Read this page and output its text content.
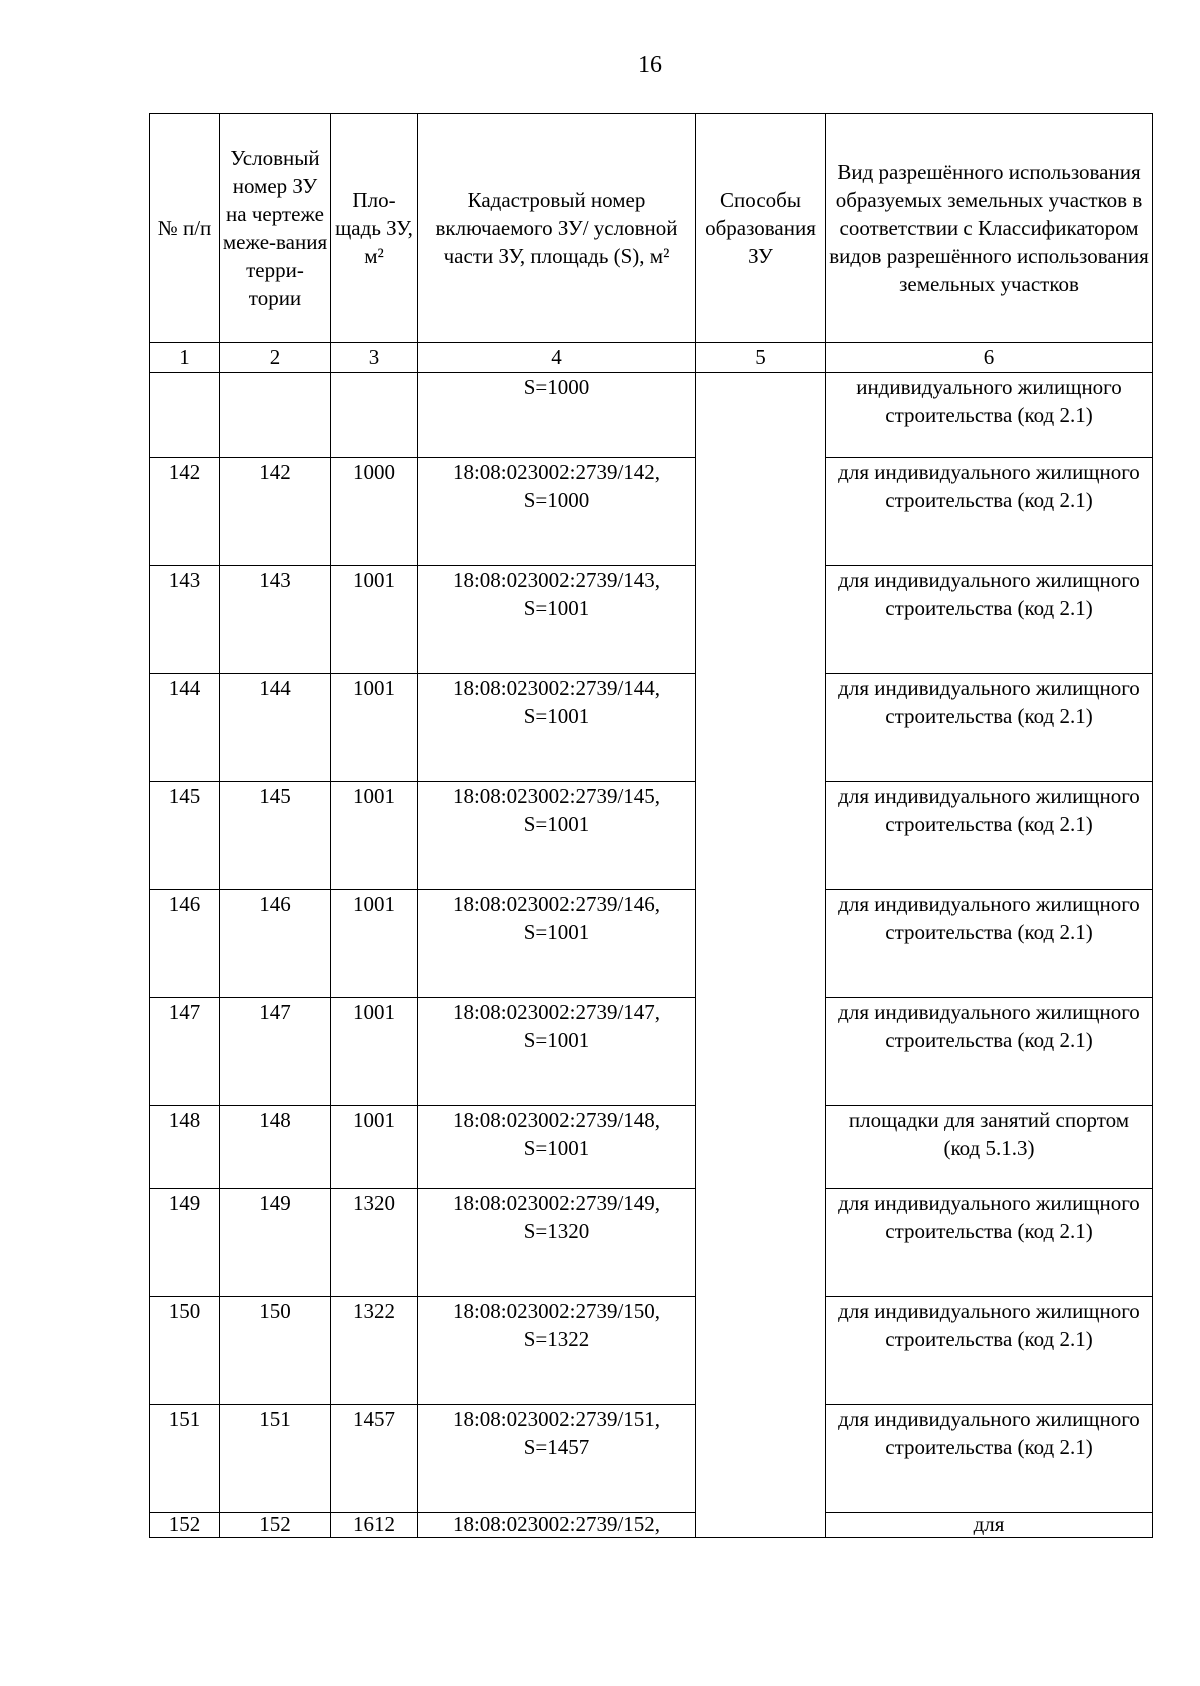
16
№ п/п	Условный номер ЗУ на чертеже меже-вания терри-тории	Пло-щадь ЗУ, м²	Кадастровый номер включаемого ЗУ/ условной части ЗУ, площадь (S), м²	Способы образования ЗУ	Вид разрешённого использования образуемых земельных участков в соответствии с Классификатором видов разрешённого использования земельных участков
1	2	3	4	5	6
			S=1000		индивидуального жилищного строительства (код 2.1)
142	142	1000	18:08:023002:2739/142, S=1000		для индивидуального жилищного строительства (код 2.1)
143	143	1001	18:08:023002:2739/143, S=1001		для индивидуального жилищного строительства (код 2.1)
144	144	1001	18:08:023002:2739/144, S=1001		для индивидуального жилищного строительства (код 2.1)
145	145	1001	18:08:023002:2739/145, S=1001		для индивидуального жилищного строительства (код 2.1)
146	146	1001	18:08:023002:2739/146, S=1001		для индивидуального жилищного строительства (код 2.1)
147	147	1001	18:08:023002:2739/147, S=1001		для индивидуального жилищного строительства (код 2.1)
148	148	1001	18:08:023002:2739/148, S=1001		площадки для занятий спортом (код 5.1.3)
149	149	1320	18:08:023002:2739/149, S=1320		для индивидуального жилищного строительства (код 2.1)
150	150	1322	18:08:023002:2739/150, S=1322		для индивидуального жилищного строительства (код 2.1)
151	151	1457	18:08:023002:2739/151, S=1457		для индивидуального жилищного строительства (код 2.1)
152	152	1612	18:08:023002:2739/152,		для
